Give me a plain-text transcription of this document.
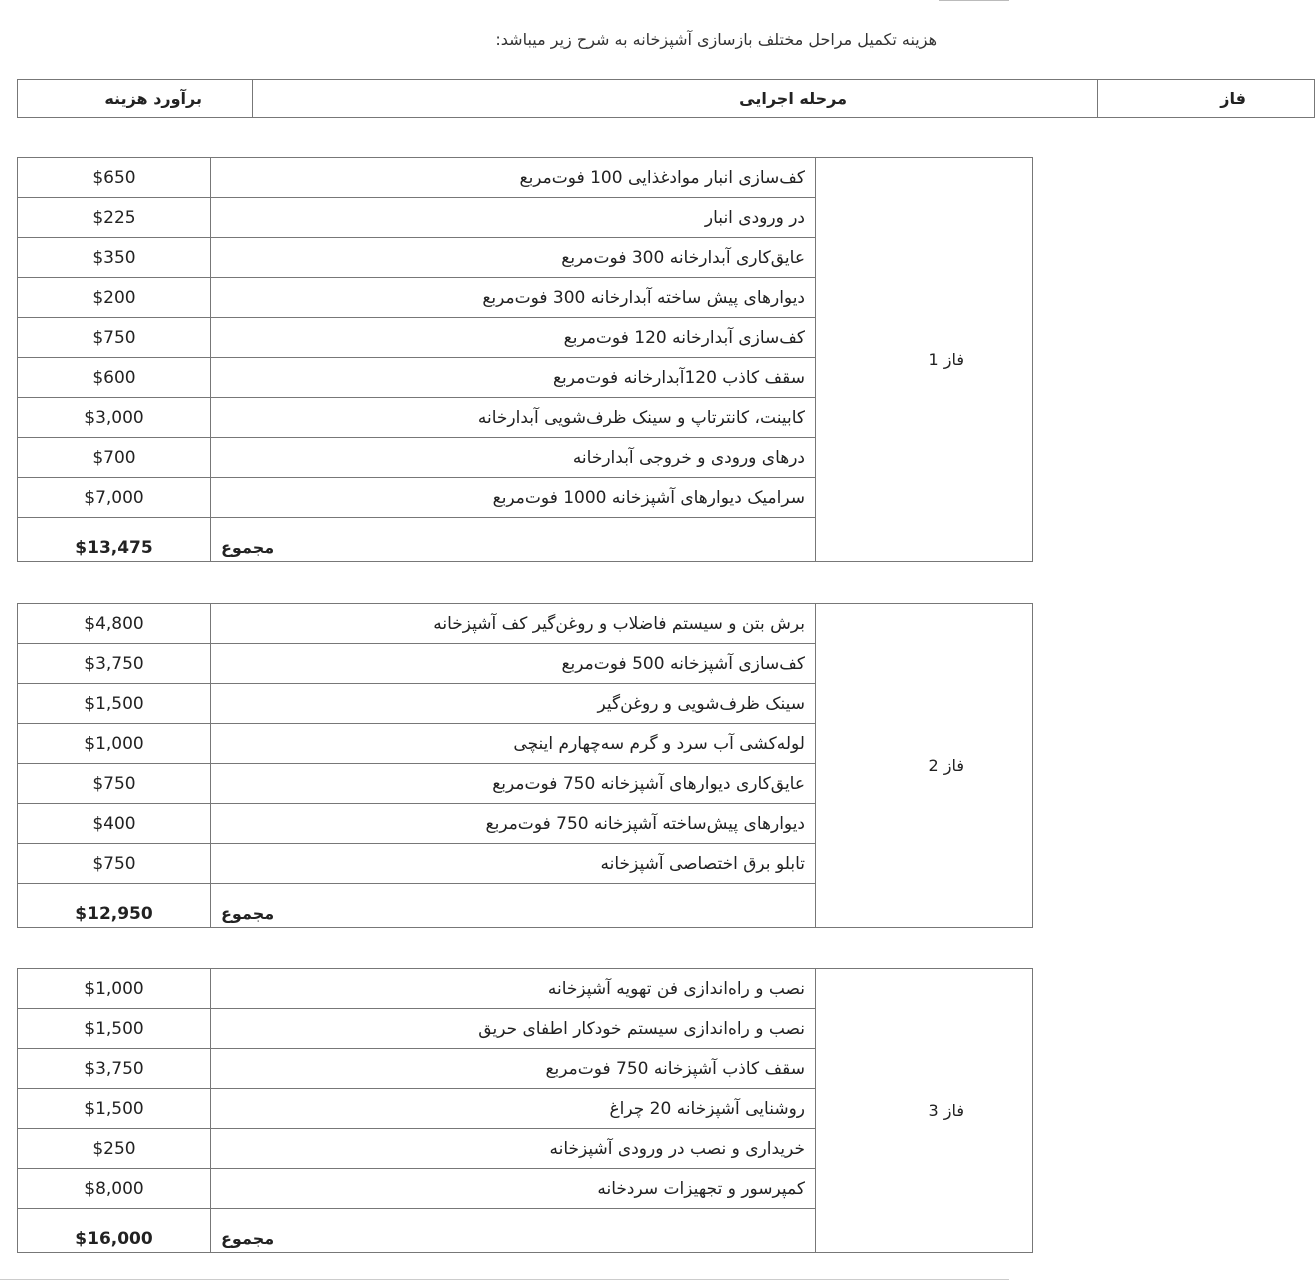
هزینه تکمیل مراحل مختلف بازسازی آشپزخانه به شرح زیر میباشد:
فاز	مرحله اجرایی	برآورد هزینه
فاز 1	کف‌سازی انبار موادغذایی 100 فوت‌مربع	$650
	در ورودی انبار	$225
	عایق‌کاری آبدارخانه 300 فوت‌مربع	$350
	دیوارهای پیش ساخته آبدارخانه 300 فوت‌مربع	$200
	کف‌سازی آبدارخانه 120 فوت‌مربع	$750
	سقف کاذب 120آبدارخانه فوت‌مربع	$600
	کابینت، کانترتاپ و سینک ظرف‌شویی آبدارخانه	$3,000
	درهای ورودی و خروجی آبدارخانه	$700
	سرامیک دیوارهای آشپزخانه 1000 فوت‌مربع	$7,000
	مجموع	$13,475
فاز 2	برش بتن و سیستم فاضلاب و روغن‌گیر کف آشپزخانه	$4,800
	کف‌سازی آشپزخانه 500 فوت‌مربع	$3,750
	سینک ظرف‌شویی و روغن‌گیر	$1,500
	لوله‌کشی آب سرد و گرم سه‌چهارم اینچی	$1,000
	عایق‌کاری دیوارهای آشپزخانه 750 فوت‌مربع	$750
	دیوارهای پیش‌ساخته آشپزخانه 750 فوت‌مربع	$400
	تابلو برق اختصاصی آشپزخانه	$750
	مجموع	$12,950
فاز 3	نصب و راه‌اندازی فن تهویه آشپزخانه	$1,000
	نصب و راه‌اندازی سیستم خودکار اطفای حریق	$1,500
	سقف کاذب آشپزخانه 750 فوت‌مربع	$3,750
	روشنایی آشپزخانه 20 چراغ	$1,500
	خریداری و نصب در ورودی آشپزخانه	$250
	کمپرسور و تجهیزات سردخانه	$8,000
	مجموع	$16,000
